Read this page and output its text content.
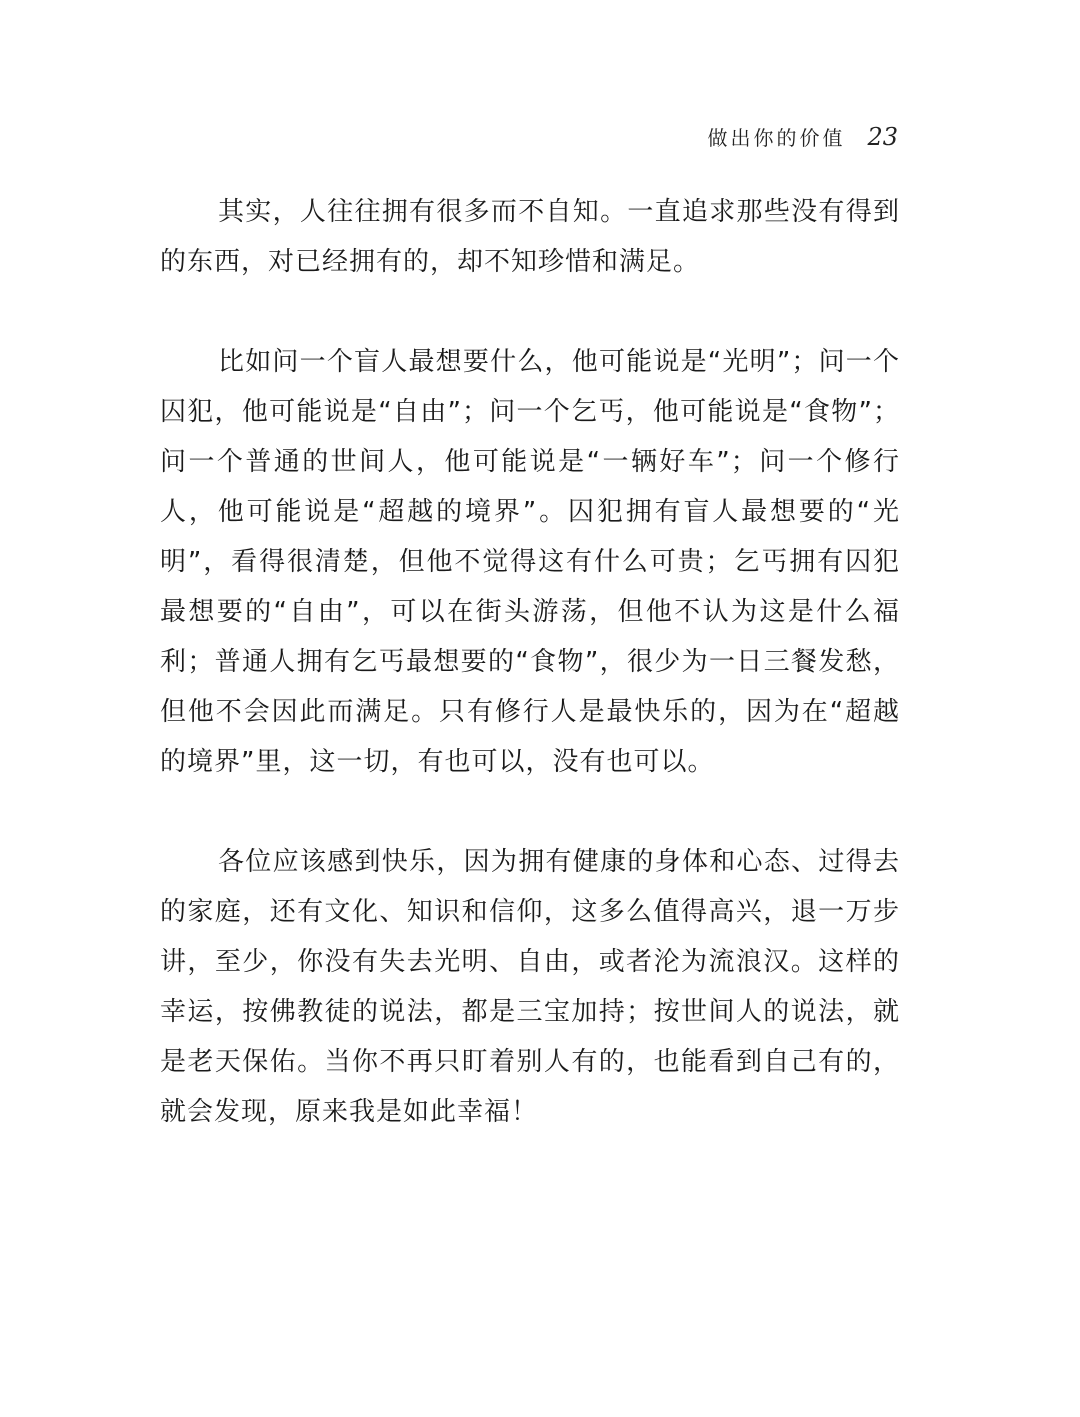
做出你的价值 23

其实，人往往拥有很多而不自知。一直追求那些没有得到的东西，对已经拥有的，却不知珍惜和满足。

比如问一个盲人最想要什么，他可能说是“光明”；问一个囚犯，他可能说是“自由”；问一个乞丐，他可能说是“食物”；问一个普通的世间人，他可能说是“一辆好车”；问一个修行人，他可能说是“超越的境界”。囚犯拥有盲人最想要的“光明”，看得很清楚，但他不觉得这有什么可贵；乞丐拥有囚犯最想要的“自由”，可以在街头游荡，但他不认为这是什么福利；普通人拥有乞丐最想要的“食物”，很少为一日三餐发愁，但他不会因此而满足。只有修行人是最快乐的，因为在“超越的境界”里，这一切，有也可以，没有也可以。

各位应该感到快乐，因为拥有健康的身体和心态、过得去的家庭，还有文化、知识和信仰，这多么值得高兴，退一万步讲，至少，你没有失去光明、自由，或者沦为流浪汉。这样的幸运，按佛教徒的说法，都是三宝加持；按世间人的说法，就是老天保佑。当你不再只盯着别人有的，也能看到自己有的，就会发现，原来我是如此幸福！
